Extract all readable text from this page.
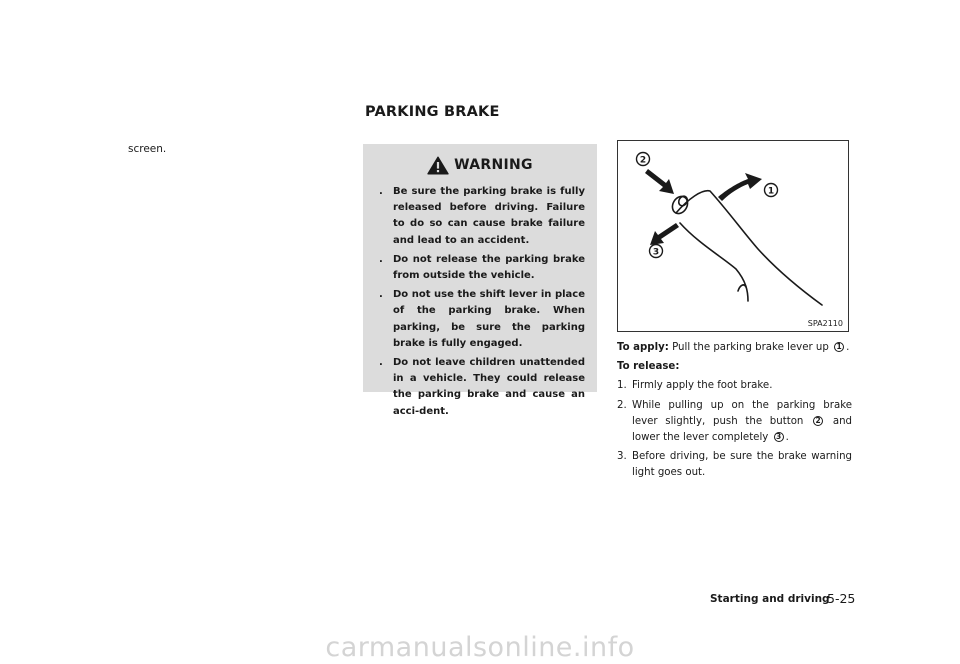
PARKING BRAKE
screen.
WARNING
. Be sure the parking brake is fully released before driving. Failure to do so can cause brake failure and lead to an accident.
. Do not release the parking brake from outside the vehicle.
. Do not use the shift lever in place of the parking brake. When parking, be sure the parking brake is fully engaged.
. Do not leave children unattended in a vehicle. They could release the parking brake and cause an acci-dent.
1
2
3
SPA2110

To apply: Pull the parking brake lever up 1 .

To release:

1. Firmly apply the foot brake.
2. While pulling up on the parking brake lever slightly, push the button 2 and lower the lever completely 3 .
3. Before driving, be sure the brake warning light goes out.
Starting and driving
5-25
carmanualsonline.info
